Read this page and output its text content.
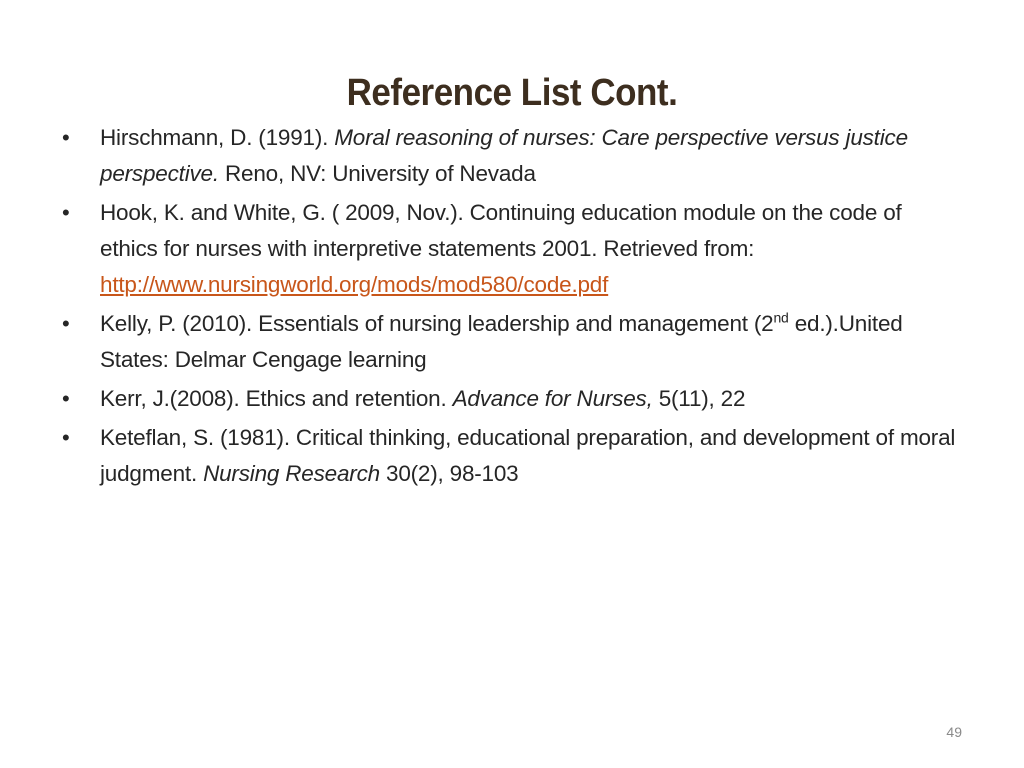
Reference List Cont.
•	Hirschmann, D. (1991). Moral reasoning of nurses: Care perspective versus justice perspective. Reno, NV: University of Nevada
•	Hook, K. and White, G. ( 2009, Nov.). Continuing education module on the code of ethics for nurses with interpretive statements 2001. Retrieved from:
http://www.nursingworld.org/mods/mod580/code.pdf
•	Kelly, P. (2010). Essentials of nursing leadership and management (2nd ed.).United States: Delmar Cengage learning
•	Kerr, J.(2008). Ethics and retention. Advance for Nurses, 5(11), 22
•	Keteflan, S. (1981). Critical thinking, educational preparation, and development of moral judgment. Nursing Research 30(2), 98-103
49
